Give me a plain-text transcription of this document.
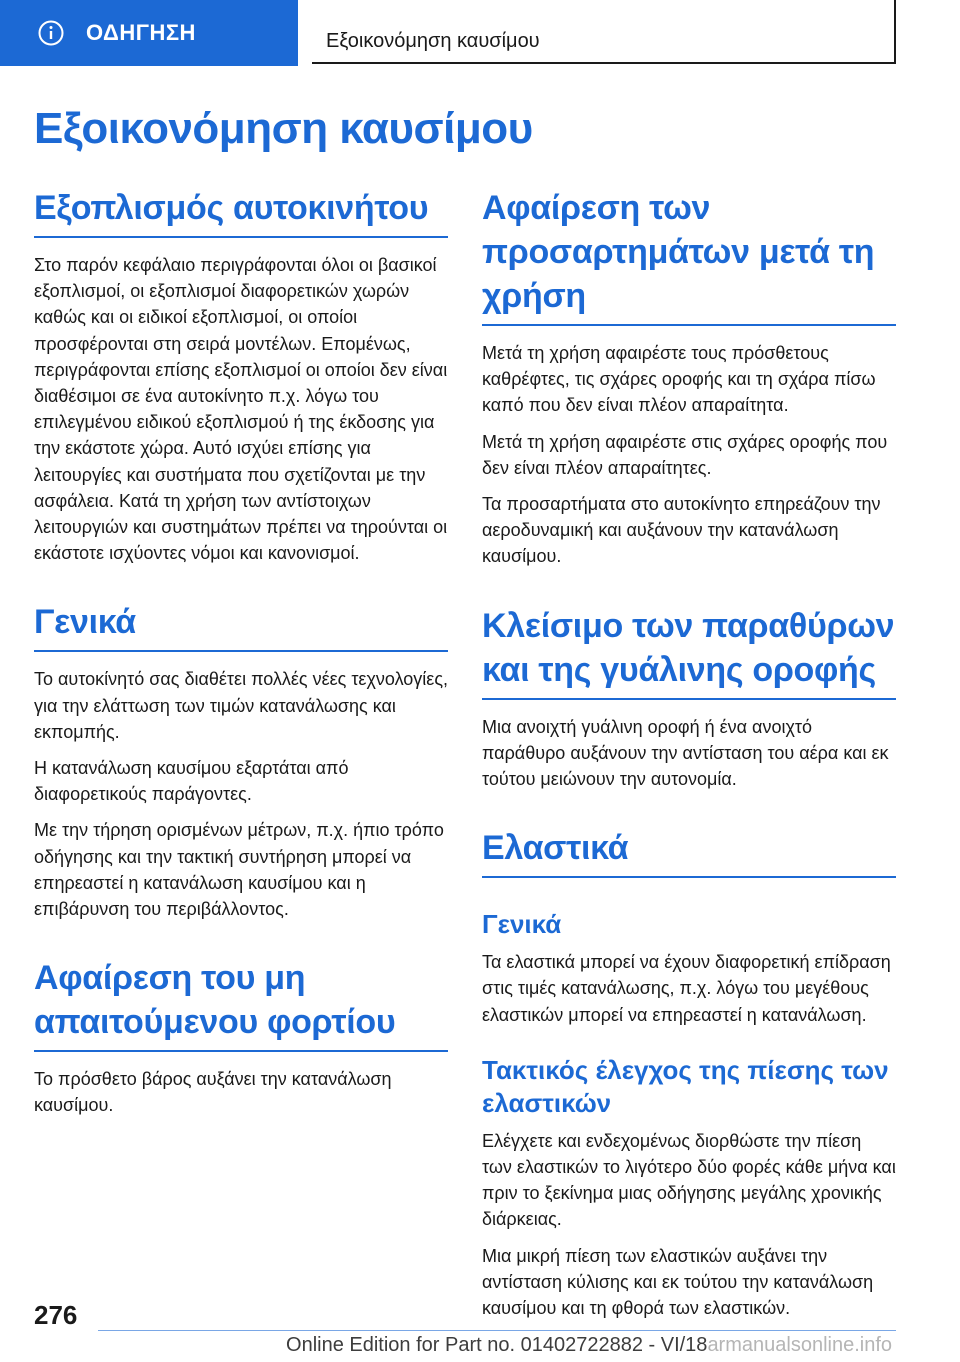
ΟΔΗΓΗΣΗ	Εξοικονόμηση καυσίμου
Εξοικονόμηση καυσίμου
Εξοπλισμός αυτοκινήτου

Στο παρόν κεφάλαιο περιγράφονται όλοι οι βασικοί εξοπλισμοί, οι εξοπλισμοί διαφορετικών χωρών καθώς και οι ειδικοί εξοπλισμοί, οι οποίοι προσφέρονται στη σειρά μοντέλων. Επομένως, περιγράφονται επίσης εξοπλισμοί οι οποίοι δεν είναι διαθέσιμοι σε ένα αυτοκίνητο π.χ. λόγω του επιλεγμένου ειδικού εξοπλισμού ή της έκδοσης για την εκάστοτε χώρα. Αυτό ισχύει επίσης για λειτουργίες και συστήματα που σχετίζονται με την ασφάλεια. Κατά τη χρήση των αντίστοιχων λειτουργιών και συστημάτων πρέπει να τηρούνται οι εκάστοτε ισχύοντες νόμοι και κανονισμοί.

Γενικά

Το αυτοκίνητό σας διαθέτει πολλές νέες τεχνολογίες, για την ελάττωση των τιμών κατανάλωσης και εκπομπής.

Η κατανάλωση καυσίμου εξαρτάται από διαφορετικούς παράγοντες.

Με την τήρηση ορισμένων μέτρων, π.χ. ήπιο τρόπο οδήγησης και την τακτική συντήρηση μπορεί να επηρεαστεί η κατανάλωση καυσίμου και η επιβάρυνση του περιβάλλοντος.

Αφαίρεση του μη απαιτούμενου φορτίου

Το πρόσθετο βάρος αυξάνει την κατανάλωση καυσίμου.

Αφαίρεση των προσαρτημάτων μετά τη χρήση

Μετά τη χρήση αφαιρέστε τους πρόσθετους καθρέφτες, τις σχάρες οροφής και τη σχάρα πίσω καπό που δεν είναι πλέον απαραίτητα.

Μετά τη χρήση αφαιρέστε στις σχάρες οροφής που δεν είναι πλέον απαραίτητες.

Τα προσαρτήματα στο αυτοκίνητο επηρεάζουν την αεροδυναμική και αυξάνουν την κατανάλωση καυσίμου.

Κλείσιμο των παραθύρων και της γυάλινης οροφής

Μια ανοιχτή γυάλινη οροφή ή ένα ανοιχτό παράθυρο αυξάνουν την αντίσταση του αέρα και εκ τούτου μειώνουν την αυτονομία.

Ελαστικά
Γενικά

Τα ελαστικά μπορεί να έχουν διαφορετική επίδραση στις τιμές κατανάλωσης, π.χ. λόγω του μεγέθους ελαστικών μπορεί να επηρεαστεί η κατανάλωση.

Τακτικός έλεγχος της πίεσης των ελαστικών

Ελέγχετε και ενδεχομένως διορθώστε την πίεση των ελαστικών το λιγότερο δύο φορές κάθε μήνα και πριν το ξεκίνημα μιας οδήγησης μεγάλης χρονικής διάρκειας.

Μια μικρή πίεση των ελαστικών αυξάνει την αντίσταση κύλισης και εκ τούτου την κατανάλωση καυσίμου και τη φθορά των ελαστικών.

276
Online Edition for Part no. 01402722882 - VI/18armanualsonline.info
